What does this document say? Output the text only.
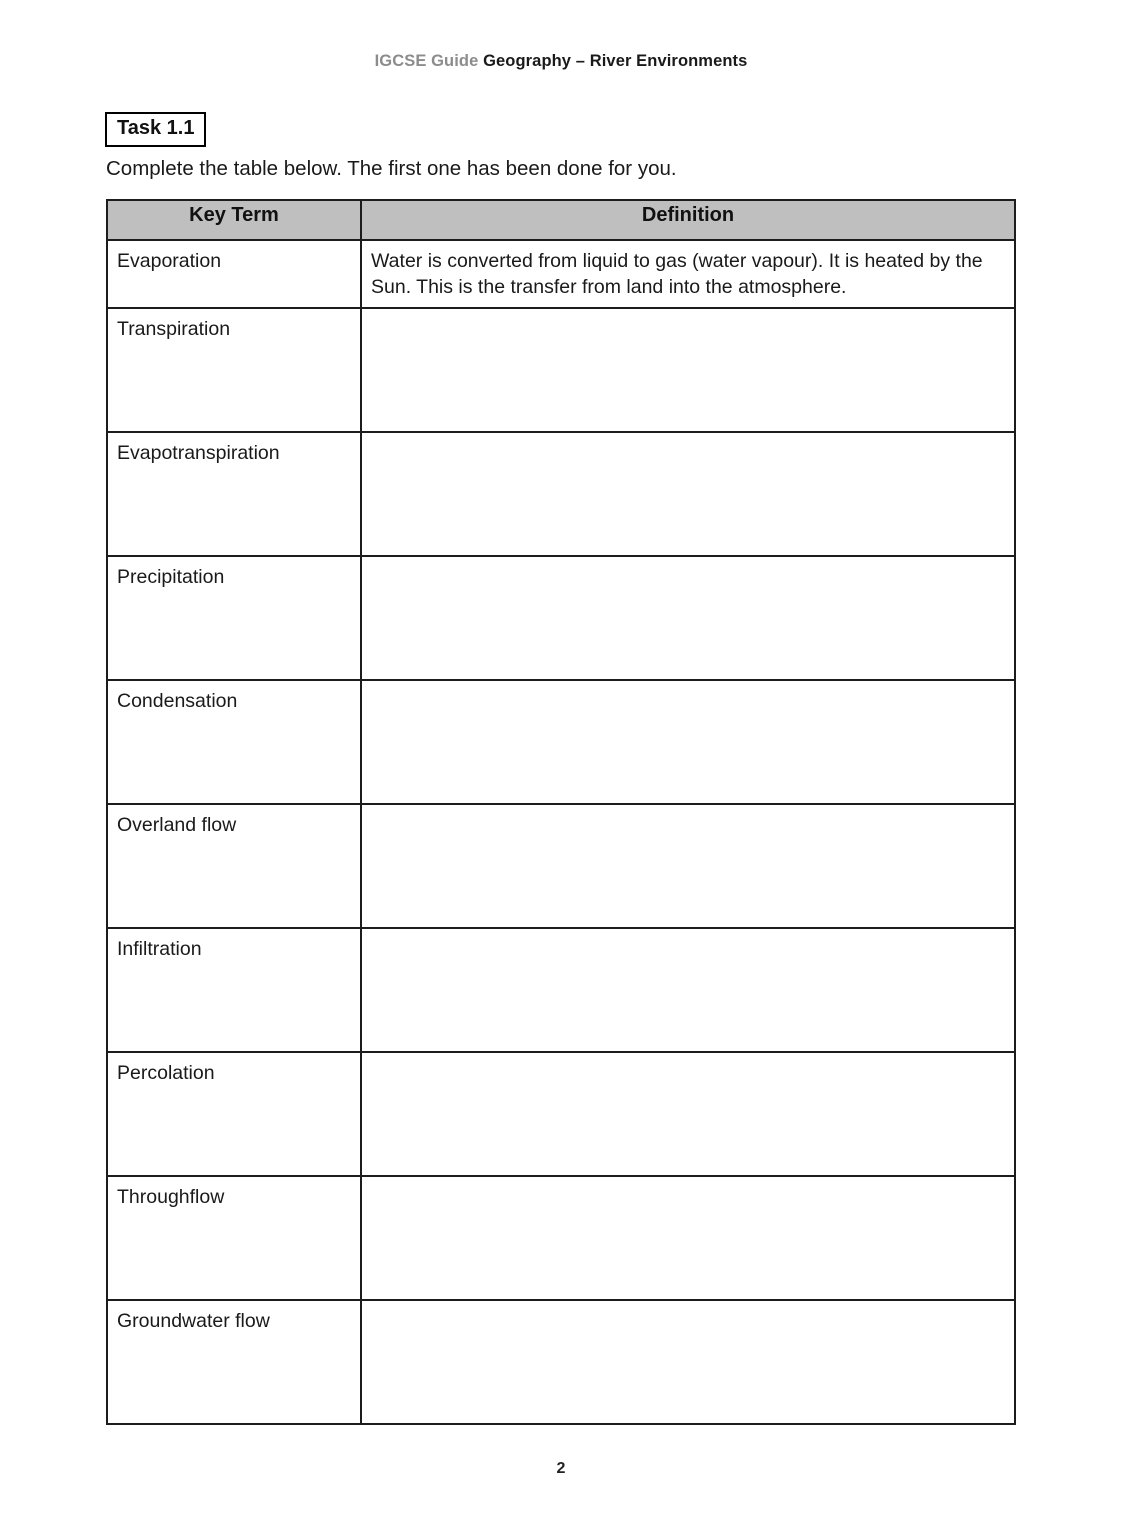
IGCSE Guide Geography – River Environments
Task 1.1
Complete the table below. The first one has been done for you.
Key Term	Definition
Evaporation	Water is converted from liquid to gas (water vapour). It is heated by the Sun. This is the transfer from land into the atmosphere.

Transpiration	

Evapotranspiration	

Precipitation	

Condensation	

Overland flow	

Infiltration	

Percolation	

Throughflow	

Groundwater flow	
2
